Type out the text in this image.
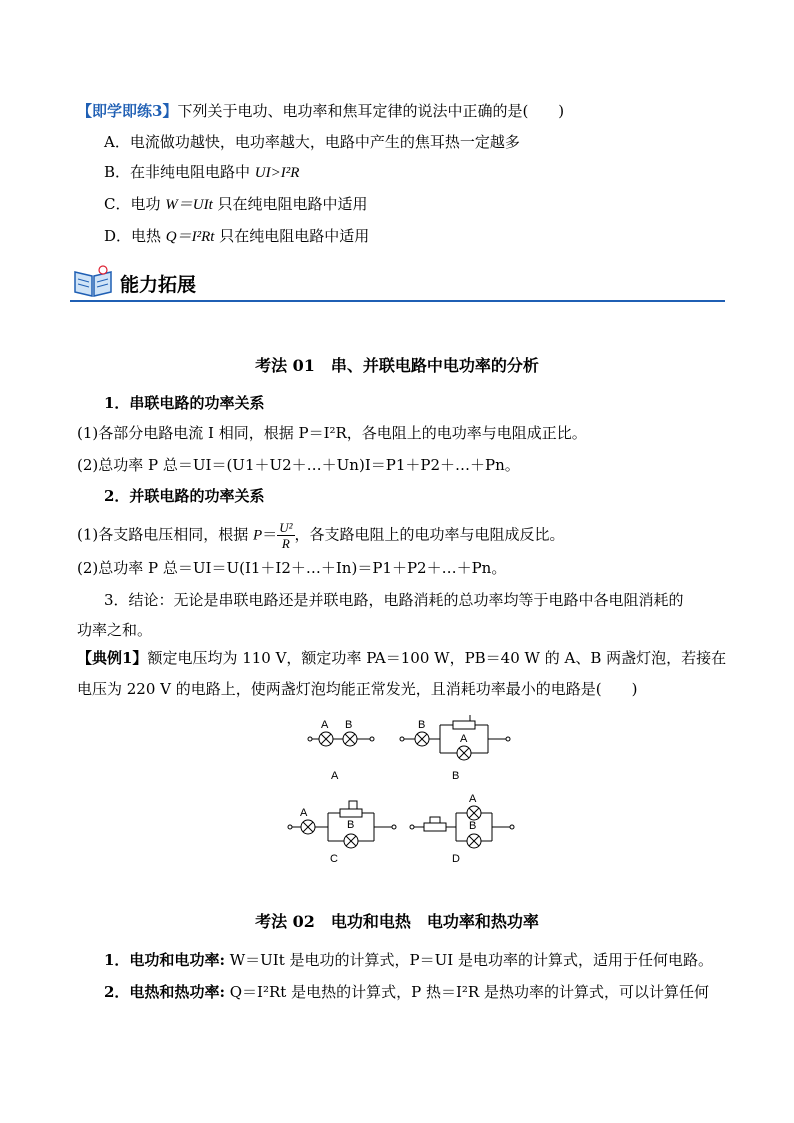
【即学即练3】下列关于电功、电功率和焦耳定律的说法中正确的是(　　)
A．电流做功越快，电功率越大，电路中产生的焦耳热一定越多
B．在非纯电阻电路中 UI>I²R
C．电功 W＝UIt 只在纯电阻电路中适用
D．电热 Q＝I²Rt 只在纯电阻电路中适用
能力拓展
考法 01　串、并联电路中电功率的分析
1．串联电路的功率关系
(1)各部分电路电流 I 相同，根据 P＝I²R，各电阻上的电功率与电阻成正比。
(2)总功率 P 总＝UI＝(U1＋U2＋…＋Un)I＝P1＋P2＋…＋Pn。
2．并联电路的功率关系
(1)各支路电压相同，根据 $P= \frac{\text{U²}}{R}$ ，各支路电阻上的电功率与电阻成反比。
(2)总功率 P 总＝UI＝U(I1＋I2＋…＋In)＝P1＋P2＋…＋Pn。
3．结论：无论是串联电路还是并联电路，电路消耗的总功率均等于电路中各电阻消耗的
功率之和。
【典例1】额定电压均为 110 V，额定功率 PA＝100 W，PB＝40 W 的 A、B 两盏灯泡，若接在
电压为 220 V 的电路上，使两盏灯泡均能正常发光，且消耗功率最小的电路是(　　)
A B	B
A
A
B
A
B
A	B
C	D
考法 02　电功和电热　电功率和热功率
1．电功和电功率: W＝UIt 是电功的计算式，P＝UI 是电功率的计算式，适用于任何电路。
2．电热和热功率: Q＝I²Rt 是电热的计算式，P 热＝I²R 是热功率的计算式，可以计算任何
